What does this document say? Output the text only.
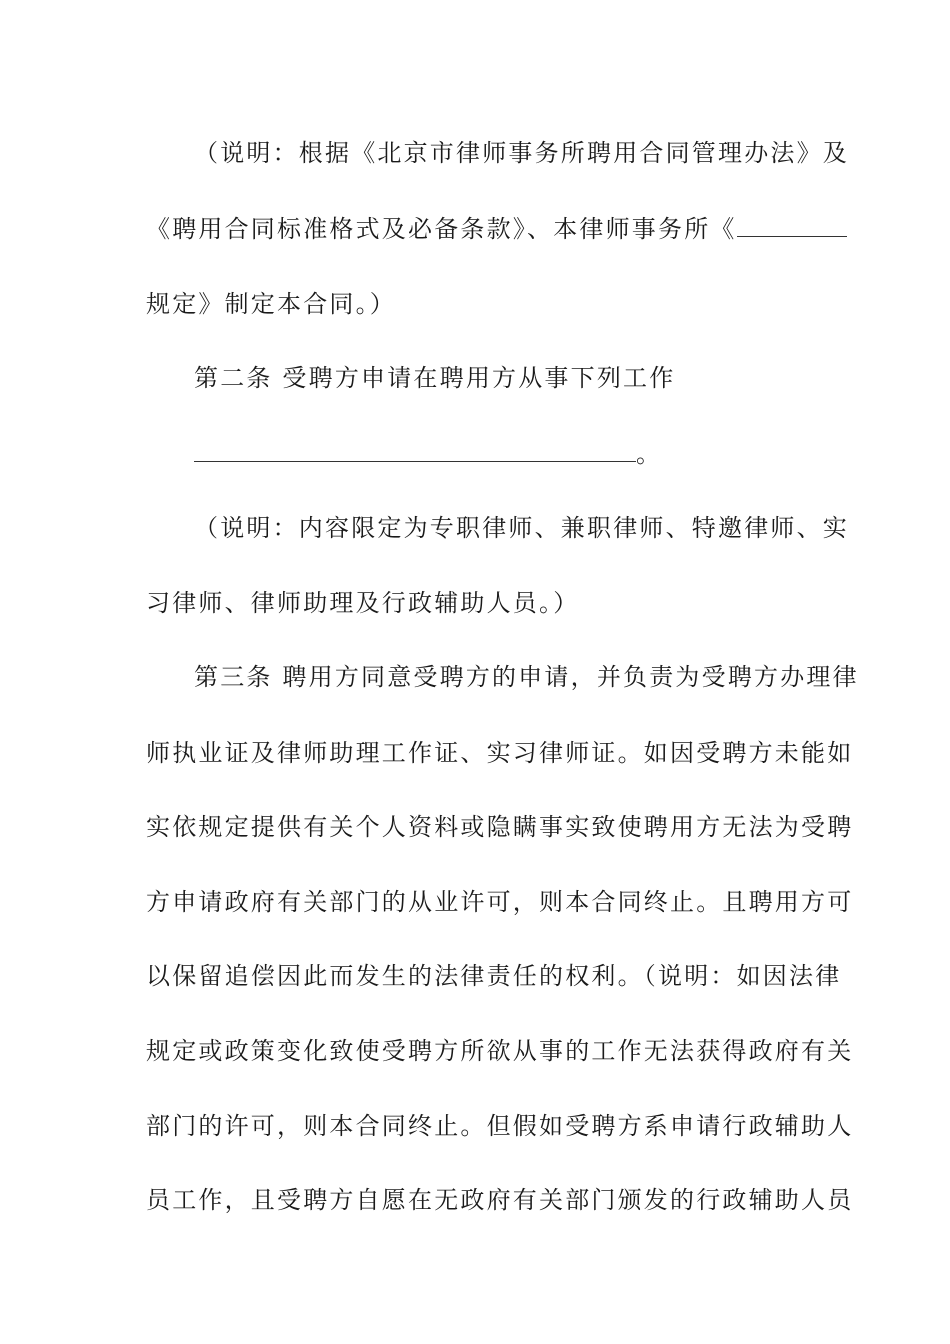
（说明：根据《北京市律师事务所聘用合同管理办法》及
《聘用合同标准格式及必备条款》、本律师事务所《
规定》制定本合同。）
第二条 受聘方申请在聘用方从事下列工作
。
（说明：内容限定为专职律师、兼职律师、特邀律师、实
习律师、律师助理及行政辅助人员。）
第三条 聘用方同意受聘方的申请，并负责为受聘方办理律
师执业证及律师助理工作证、实习律师证。如因受聘方未能如
实依规定提供有关个人资料或隐瞒事实致使聘用方无法为受聘
方申请政府有关部门的从业许可，则本合同终止。且聘用方可
以保留追偿因此而发生的法律责任的权利。（说明：如因法律
规定或政策变化致使受聘方所欲从事的工作无法获得政府有关
部门的许可，则本合同终止。但假如受聘方系申请行政辅助人
员工作，且受聘方自愿在无政府有关部门颁发的行政辅助人员
